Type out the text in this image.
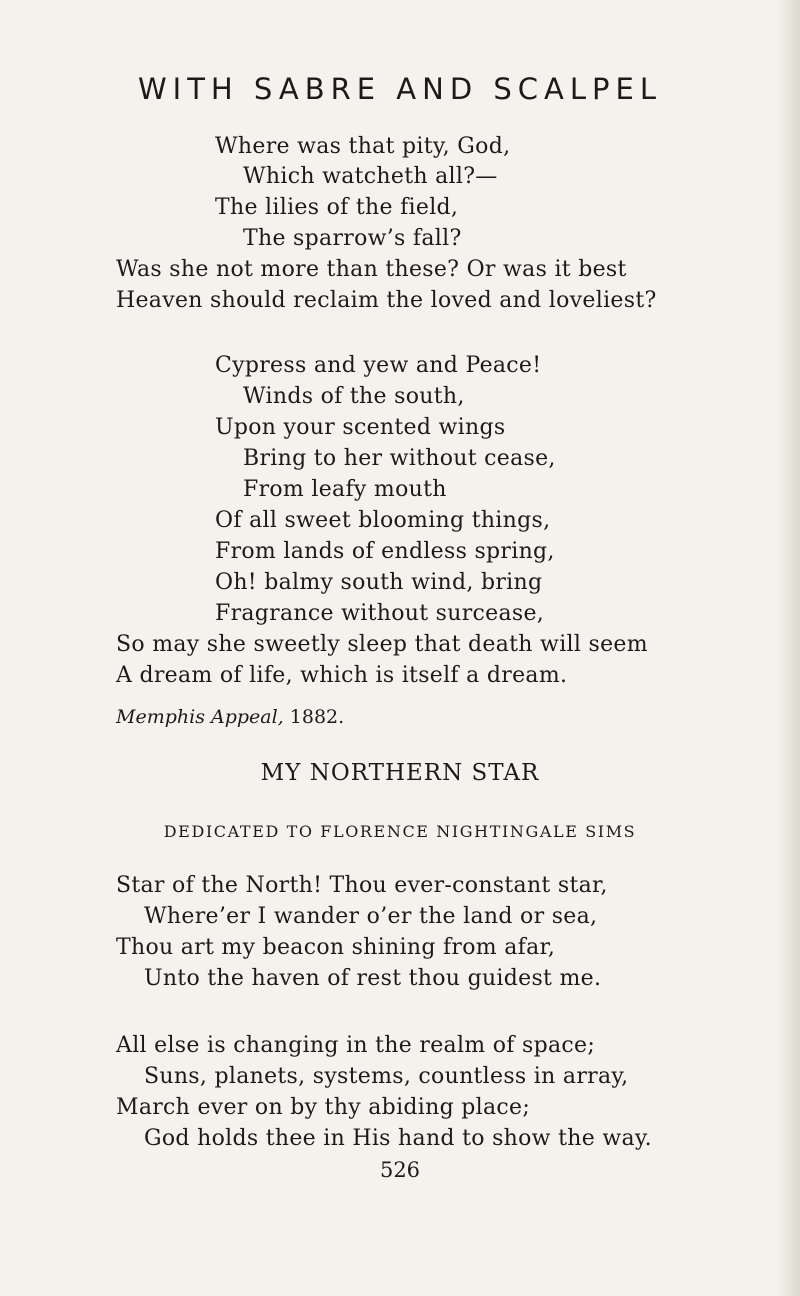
WITH SABRE AND SCALPEL
Where was that pity, God,
Which watcheth all?—
The lilies of the field,
The sparrow’s fall?
Was she not more than these? Or was it best
Heaven should reclaim the loved and loveliest?
Cypress and yew and Peace!
Winds of the south,
Upon your scented wings
Bring to her without cease,
From leafy mouth
Of all sweet blooming things,
From lands of endless spring,
Oh! balmy south wind, bring
Fragrance without surcease,
So may she sweetly sleep that death will seem
A dream of life, which is itself a dream.
Memphis Appeal, 1882.
MY NORTHERN STAR
DEDICATED TO FLORENCE NIGHTINGALE SIMS
Star of the North! Thou ever-constant star,
Where’er I wander o’er the land or sea,
Thou art my beacon shining from afar,
Unto the haven of rest thou guidest me.
All else is changing in the realm of space;
Suns, planets, systems, countless in array,
March ever on by thy abiding place;
God holds thee in His hand to show the way.
526
